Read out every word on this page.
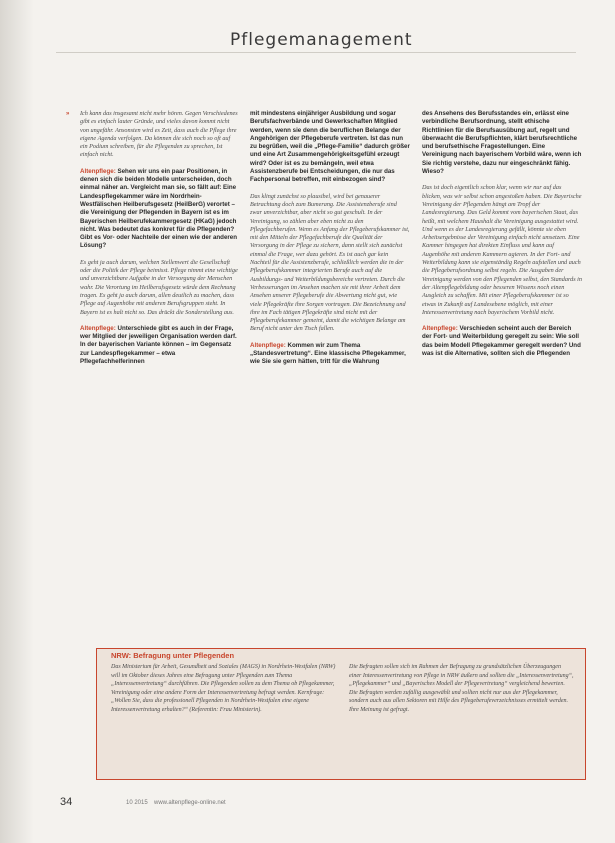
Pflegemanagement
» Ich kann das insgesamt nicht mehr hören. Gegen Verschiedenes gibt es einfach lauter Gründe, und vieles davon kommt nicht von ungefähr. Ansonsten wird es Zeit, dass auch die Pflege ihre eigene Agenda verfolgen. Da können die sich noch so oft auf ein Podium schreiben, für die Pflegenden zu sprechen, Ist einfach nicht.

Altenpflege: Sehen wir uns ein paar Positionen, in denen sich die beiden Modelle unterscheiden, doch einmal näher an. Vergleicht man sie, so fällt auf: Eine Landespflegekammer wäre im Nordrhein-Westfälischen Heilberufsgesetz (HeilBerG) verortet – die Vereinigung der Pflegenden in Bayern ist es im Bayerischen Heilberufekammergesetz (HKaG) jedoch nicht. Was bedeutet das konkret für die Pflegenden? Gibt es Vor- oder Nachteile der einen wie der anderen Lösung?

Es geht ja auch darum, welchen Stellenwert die Gesellschaft oder die Politik der Pflege beimisst. Pflege nimmt eine wichtige und unverzichtbare Aufgabe in der Versorgung der Menschen wahr. Die Verortung im Heilberufsgesetz würde dem Rechnung tragen. Es geht ja auch darum, allen deutlich zu machen, dass Pflege auf Augenhöhe mit anderen Berufsgruppen steht. In Bayern ist es halt nicht so. Das drückt die Sonderstellung aus.

Altenpflege: Unterschiede gibt es auch in der Frage, wer Mitglied der jeweiligen Organisation werden darf. In der bayerischen Variante können – im Gegensatz zur Landespflegekammer – etwa Pflegefachhelferinnen

mit mindestens einjähriger Ausbildung und sogar Berufsfachverbände und Gewerkschaften Mitglied werden, wenn sie denn die beruflichen Belange der Angehörigen der Pflegeberufe vertreten. Ist das nun zu begrüßen, weil die „Pflege-Familie“ dadurch größer und eine Art Zusammengehörigkeitsgefühl erzeugt wird? Oder ist es zu bemängeln, weil etwa Assistenzberufe bei Entscheidungen, die nur das Fachpersonal betreffen, mit einbezogen sind?

Das klingt zunächst so plausibel, wird bei genauerer Betrachtung doch zum Bumerang. Die Assistenzberufe sind zwar unverzichtbar, aber nicht so gut geschult. In der Vereinigung, so zählen aber eben nicht zu den Pflegefachberufen. Wenn es Anfang der Pflegeberufskammer ist, mit den Mitteln der Pflegefachberufe die Qualität der Versorgung in der Pflege zu sichern, dann stellt sich zunächst einmal die Frage, wer dazu gehört. Es ist auch gar kein Nachteil für die Assistenzberufe, schließlich werden die in der Pflegeberufskammer integrierten Berufe auch auf die Ausbildungs- und Weiterbildungsbereiche vertreten. Durch die Verbesserungen im Ansehen machen sie mit ihrer Arbeit dem Ansehen unserer Pflegeberufe die Abwertung nicht gut, wie viele Pflegekräfte ihre Sorgen vortragen. Die Bezeichnung und ihre im Fach tätigen Pflegekräfte sind nicht mit der Pflegeberufekammer gemeint, damit die wichtigen Belange am Beruf nicht unter den Tisch fallen.

Altenpflege: Kommen wir zum Thema „Standesvertretung“. Eine klassische Pflegekammer, wie Sie sie gern hätten, tritt für die Wahrung

des Ansehens des Berufsstandes ein, erlässt eine verbindliche Berufsordnung, stellt ethische Richtlinien für die Berufsausübung auf, regelt und überwacht die Berufspflichten, klärt berufsrechtliche und berufsethische Fragestellungen. Eine Vereinigung nach bayerischem Vorbild wäre, wenn ich Sie richtig verstehe, dazu nur eingeschränkt fähig. Wieso?

Das ist doch eigentlich schon klar, wenn wir nur auf das blicken, was wir selbst schon angestoßen haben. Die Bayerische Vereinigung der Pflegenden hängt am Tropf der Landesregierung. Das Geld kommt vom bayerischen Staat, das heißt, mit welchem Haushalt die Vereinigung ausgestattet wird. Und wenn es der Landesregierung gefällt, könnte sie eben Arbeitsergebnisse der Vereinigung einfach nicht umsetzen. Eine Kammer hingegen hat direkten Einfluss und kann auf Augenhöhe mit anderen Kammern agieren. In der Fort- und Weiterbildung kann sie eigenständig Regeln aufstellen und auch die Pflegeberufsordnung selbst regeln. Die Ausgaben der Vereinigung werden von den Pflegenden selbst, den Standards in der Altenpflegebildung oder besseren Wissens noch einen Ausgleich zu schaffen. Mit einer Pflegeberufskammer ist so etwas in Zukunft auf Landesebene möglich, mit einer Interessenvertretung nach bayerischem Vorbild nicht.

Altenpflege: Verschieden scheint auch der Bereich der Fort- und Weiterbildung geregelt zu sein: Wie soll das beim Modell Pflegekammer geregelt werden? Und was ist die Alternative, sollten sich die Pflegenden

NRW: Befragung unter Pflegenden
Das Ministerium für Arbeit, Gesundheit und Soziales (MAGS) in Nordrhein-Westfalen (NRW) will im Oktober dieses Jahres eine Befragung unter Pflegenden zum Thema „Interessenvertretung“ durchführen. Die Pflegenden sollen zu dem Thema ob Pflegekammer, Vereinigung oder eine andere Form der Interessenvertretung befragt werden. Kernfrage: „Wollen Sie, dass die professionell Pflegenden in Nordrhein-Westfalen eine eigene Interessenvertretung erhalten?“ (Referentin: Frau Ministerin).
Die Befragten sollen sich im Rahmen der Befragung zu grundsätzlichen Überzeugungen einer Interessenvertretung von Pflege in NRW äußern und sollten die „Interessenvertretung“, „Pflegekammer“ und „Bayerisches Modell der Pflegevertretung“ vergleichend bewerten. Die Befragten werden zufällig ausgewählt und sollten nicht nur aus der Pflegekammer, sondern auch aus allen Sektoren mit Hilfe des Pflegeberufeverzeichnisses ermittelt werden. Ihre Meinung ist gefragt.
34	10 2015 www.altenpflege-online.net
